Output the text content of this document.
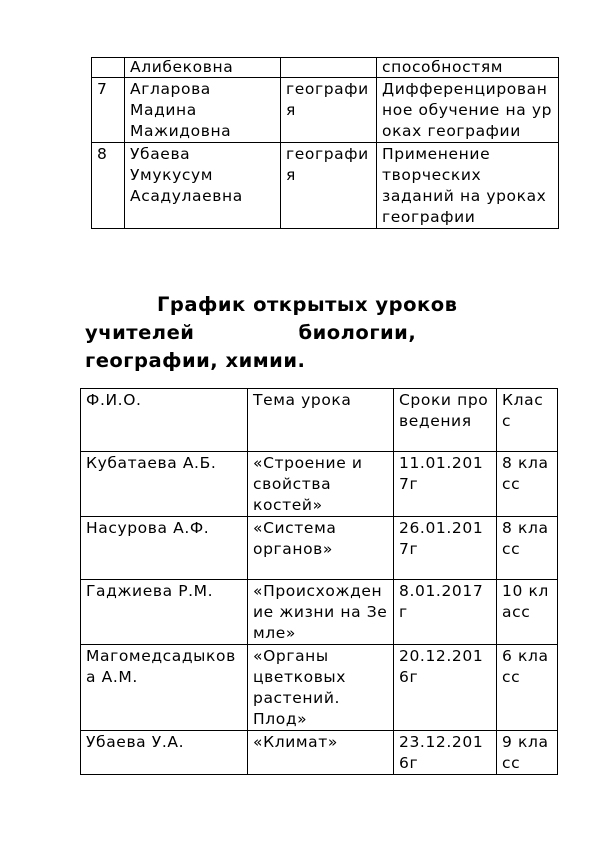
	Алибековна		способностям
7	Агларова Мадина Мажидовна	география	Дифференцированное обучение на уроках географии
8	Убаева Умукусум Асадулаевна	география	Применение творческих заданий на уроках географии
График открытых уроков
учителей	биологии,
географии, химии.
Ф.И.О.	Тема урока	Сроки проведения	Класс
Кубатаева А.Б.	«Строение и свойства костей»	11.01.2017г	8 класс
Насурова А.Ф.	«Система органов»	26.01.2017г	8 класс
Гаджиева Р.М.	«Происхождение жизни на Земле»	8.01.2017 г	10 класс
Магомедсадыкова А.М.	«Органы цветковых растений. Плод»	20.12.2016г	6 класс
Убаева У.А.	«Климат»	23.12.2016г	9 класс
